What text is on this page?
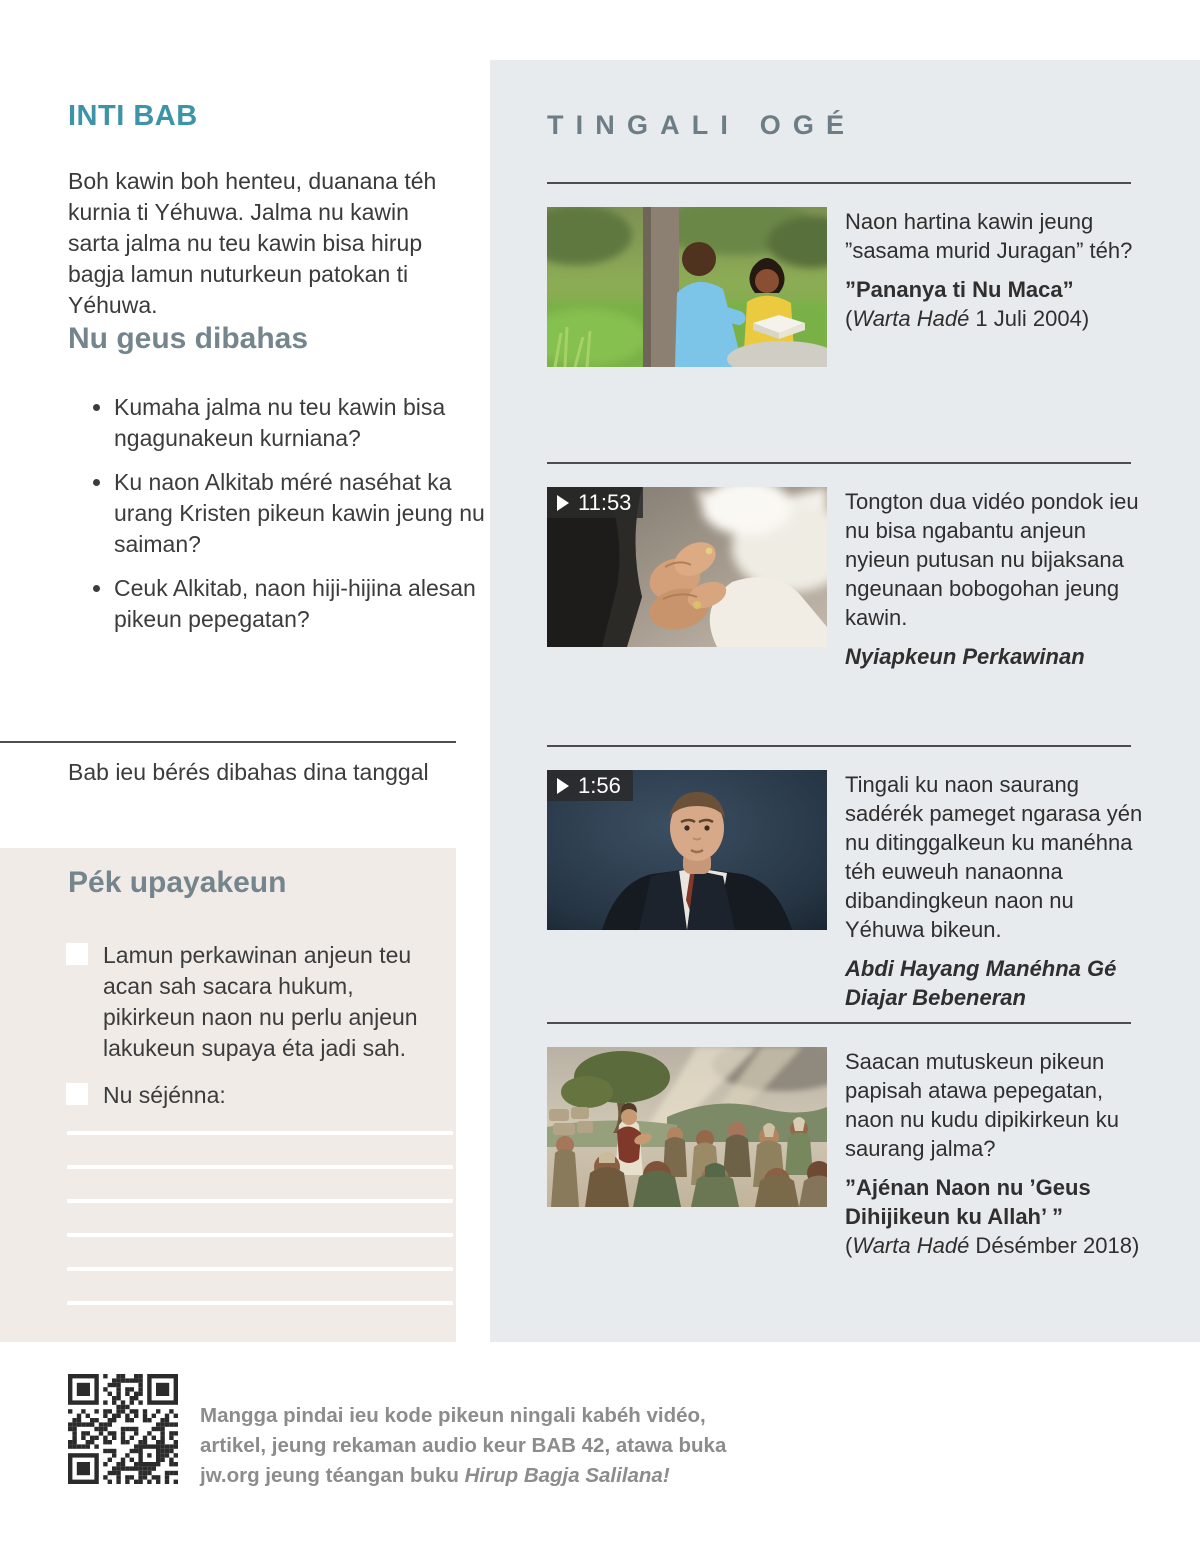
INTI BAB
Boh kawin boh henteu, duanana téh kurnia ti Yéhuwa. Jalma nu kawin sarta jalma nu teu kawin bisa hirup bagja lamun nuturkeun patokan ti Yéhuwa.
Nu geus dibahas
• Kumaha jalma nu teu kawin bisa ngagunakeun kurniana?
• Ku naon Alkitab méré naséhat ka urang Kristen pikeun kawin jeung nu saiman?
• Ceuk Alkitab, naon hiji-hijina alesan pikeun pepegatan?
Bab ieu bérés dibahas dina tanggal
Pék upayakeun
Lamun perkawinan anjeun teu acan sah sacara hukum, pikirkeun naon nu perlu anjeun lakukeun supaya éta jadi sah.
Nu séjénna:
TINGALI OGÉ

Naon hartina kawin jeung ”sasama murid Juragan” téh?

”Pananya ti Nu Maca”
(Warta Hadé 1 Juli 2004)
11:53	Tongton dua vidéo pondok ieu nu bisa ngabantu anjeun nyieun putusan nu bijaksana ngeunaan bobogohan jeung kawin.

Nyiapkeun Perkawinan
1:56	Tingali ku naon saurang sadérék pameget ngarasa yén nu ditinggalkeun ku manéhna téh euweuh nanaonna dibandingkeun naon nu Yéhuwa bikeun.

Abdi Hayang Manéhna Gé Diajar Bebeneran

Saacan mutuskeun pikeun papisah atawa pepegatan, naon nu kudu dipikirkeun ku saurang jalma?

”Ajénan Naon nu ’Geus Dihijikeun ku Allah’ ”
(Warta Hadé Désémber 2018)
Mangga pindai ieu kode pikeun ningali kabéh vidéo, artikel, jeung rekaman audio keur BAB 42, atawa buka jw.org jeung téangan buku Hirup Bagja Salilana!
